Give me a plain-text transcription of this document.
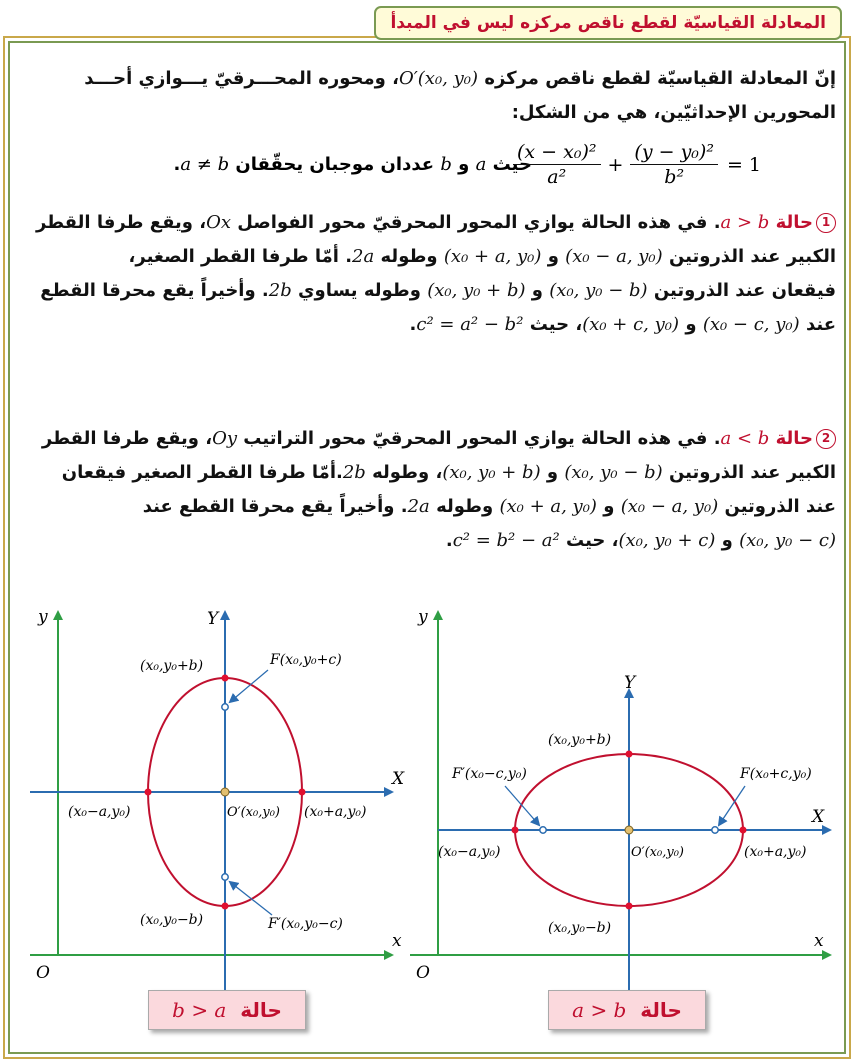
المعادلة القياسيّة لقطع ناقص مركزه ليس في المبدأ
إنّ المعادلة القياسيّة لقطع ناقص مركزه O′(x₀, y₀)، ومحوره المحـــرقيّ يـــوازي أحـــد
المحورين الإحداثيّين، هي من الشكل:
حيث a و b عددان موجبان يحقّقان a ≠ b.	$\frac{\text{(x − x₀)²}}{\text{a²}} + \frac{\text{(y − y₀)²}}{\text{b²}} = 1$
1حالة a > b. في هذه الحالة يوازي المحور المحرقيّ محور الفواصل Ox، ويقع طرفا القطر
الكبير عند الذروتين (x₀ − a, y₀) و (x₀ + a, y₀) وطوله 2a. أمّا طرفا القطر الصغير،
فيقعان عند الذروتين (x₀, y₀ − b) و (x₀, y₀ + b) وطوله يساوي 2b. وأخيراً يقع محرقا القطع
عند (x₀ − c, y₀) و (x₀ + c, y₀)، حيث c² = a² − b².
2حالة a < b. في هذه الحالة يوازي المحور المحرقيّ محور التراتيب Oy، ويقع طرفا القطر
الكبير عند الذروتين (x₀, y₀ − b) و (x₀, y₀ + b)، وطوله 2b.أمّا طرفا القطر الصغير فيقعان
عند الذروتين (x₀ − a, y₀) و (x₀ + a, y₀) وطوله 2a. وأخيراً يقع محرقا القطع عند
(x₀, y₀ − c) و (x₀, y₀ + c)، حيث c² = b² − a².
y	Y
X
x
O
(x₀,y₀+b)	F(x₀,y₀+c)
(x₀−a,y₀)	O′(x₀,y₀) (x₀+a,y₀)
(x₀,y₀−b)	F′(x₀,y₀−c)
y
Y
X
x
O
(x₀,y₀+b)
F′(x₀−c,y₀)	F(x₀+c,y₀)
(x₀−a,y₀)	O′(x₀,y₀)	(x₀+a,y₀)
(x₀,y₀−b)
حالة

b > a	حالة

a > b
